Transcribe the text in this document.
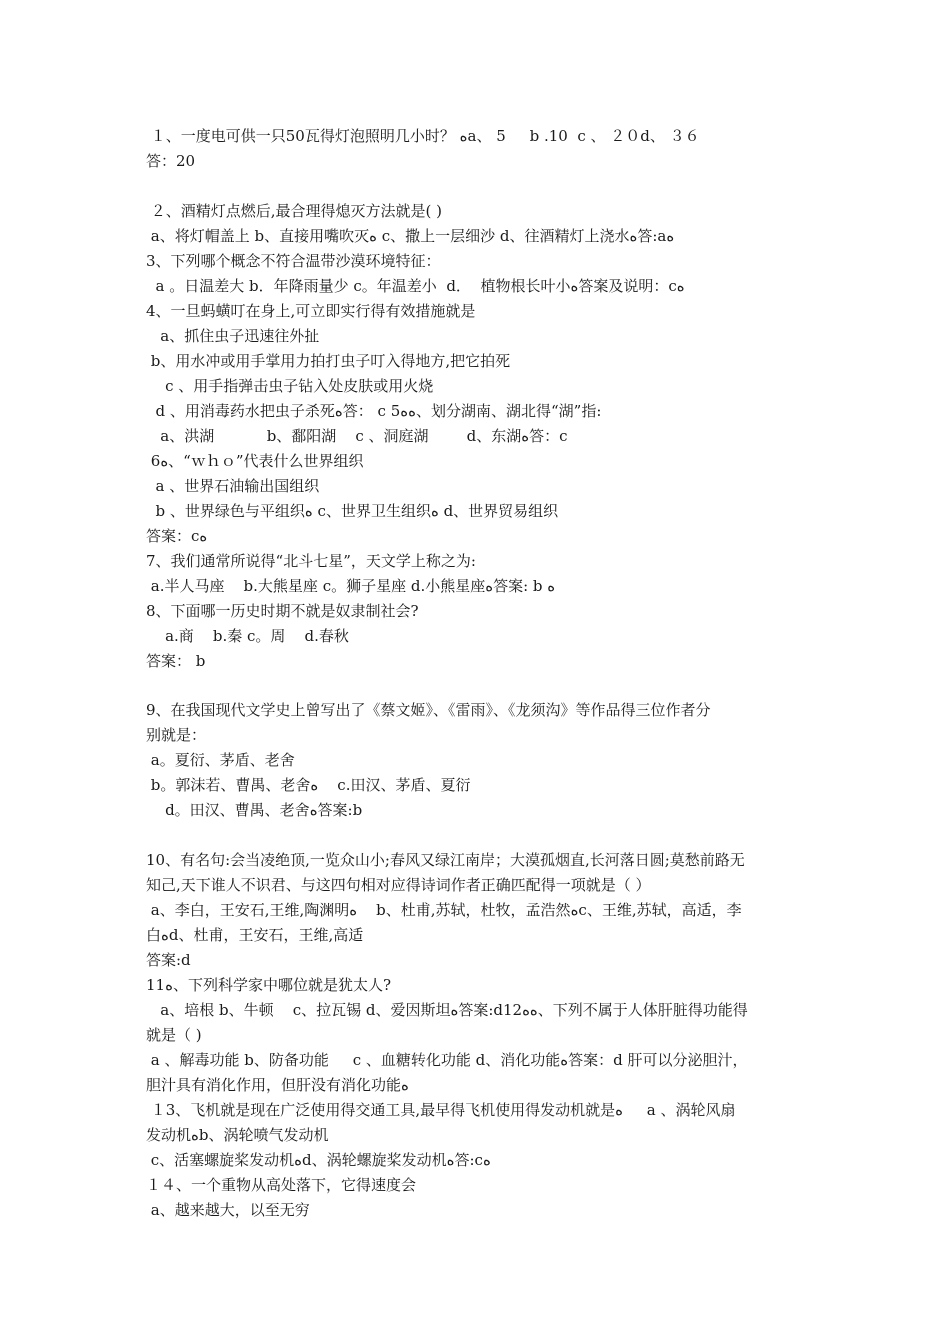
１、一度电可供一只50瓦得灯泡照明几小时？ ﻩa、 5     b .10  c 、 ２０d、 ３６
答：20
２、酒精灯点燃后,最合理得熄灭方法就是( )
a、将灯帽盖上 b、直接用嘴吹灭ﻩ c、撒上一层细沙 d、往酒精灯上浇水ﻩ答:aﻩ
3、下列哪个概念不符合温带沙漠环境特征：
a 。日温差大 b．年降雨量少 c。年温差小  d．  植物根长叶小ﻩ答案及说明：cﻩ
4、一旦蚂蟥叮在身上,可立即实行得有效措施就是
a、抓住虫子迅速往外扯
b、用水冲或用手掌用力拍打虫子叮入得地方,把它拍死
c 、用手指弹击虫子钻入处皮肤或用火烧
d 、用消毒药水把虫子杀死ﻩ答： c 5ﻩﻩ、划分湖南、湖北得“湖”指:
a、洪湖           b、鄱阳湖    c 、洞庭湖        d、东湖ﻩ答：c
6ﻩ、“ｗｈｏ”代表什么世界组织
a 、世界石油输出国组织
b 、世界绿色与平组织ﻩ c、世界卫生组织ﻩ d、世界贸易组织
答案：cﻩ
7、我们通常所说得“北斗七星”，天文学上称之为:
a.半人马座    b.大熊星座 c。狮子星座 d.小熊星座ﻩ答案: b ﻩ
8、下面哪一历史时期不就是奴隶制社会?
a.商    b.秦 c。周    d.春秋
答案： b
9、在我国现代文学史上曾写出了《蔡文姬》、《雷雨》、《龙须沟》等作品得三位作者分
别就是：
a。夏衍、茅盾、老舍
b。郭沫若、曹禺、老舍ﻩ    c.田汉、茅盾、夏衍
d。田汉、曹禺、老舍ﻩ答案:b
10、有名句:会当凌绝顶,一览众山小;春风又绿江南岸；大漠孤烟直,长河落日圆;莫愁前路无
知己,天下谁人不识君、与这四句相对应得诗词作者正确匹配得一项就是（ ）
a、李白，王安石,王维,陶渊明ﻩ    b、杜甫,苏轼，杜牧，孟浩然ﻩc、王维,苏轼，高适，李
白ﻩd、杜甫，王安石，王维,高适
答案:d
11ﻩ、下列科学家中哪位就是犹太人?
a、培根 b、牛顿    c、拉瓦锡 d、爱因斯坦ﻩ答案:d12ﻩﻩ、下列不属于人体肝脏得功能得
就是（ )
a 、解毒功能 b、防备功能     c 、血糖转化功能 d、消化功能ﻩ答案：d 肝可以分泌胆汁，
胆汁具有消化作用，但肝没有消化功能ﻩ
１3、飞机就是现在广泛使用得交通工具,最早得飞机使用得发动机就是ﻩ     a 、涡轮风扇
发动机ﻩb、涡轮喷气发动机
c、活塞螺旋桨发动机ﻩd、涡轮螺旋桨发动机ﻩ答:cﻩ
１４、一个重物从高处落下，它得速度会
a、越来越大，以至无穷
